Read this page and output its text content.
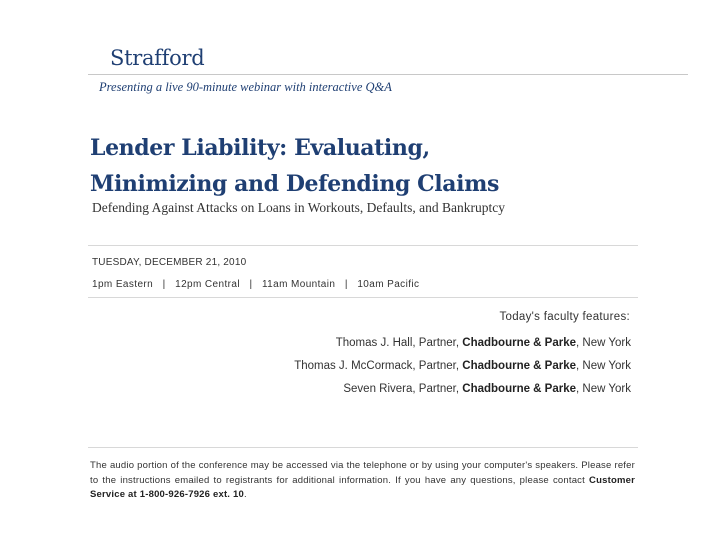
Strafford
Presenting a live 90-minute webinar with interactive Q&A
Lender Liability: Evaluating,
Minimizing and Defending Claims
Defending Against Attacks on Loans in Workouts, Defaults, and Bankruptcy
TUESDAY, DECEMBER 21, 2010
1pm Eastern | 12pm Central | 11am Mountain | 10am Pacific
Today's faculty features:
Thomas J. Hall, Partner, Chadbourne & Parke, New York
Thomas J. McCormack, Partner, Chadbourne & Parke, New York
Seven Rivera, Partner, Chadbourne & Parke, New York
The audio portion of the conference may be accessed via the telephone or by using your computer's speakers. Please refer to the instructions emailed to registrants for additional information. If you have any questions, please contact Customer Service at 1-800-926-7926 ext. 10.
